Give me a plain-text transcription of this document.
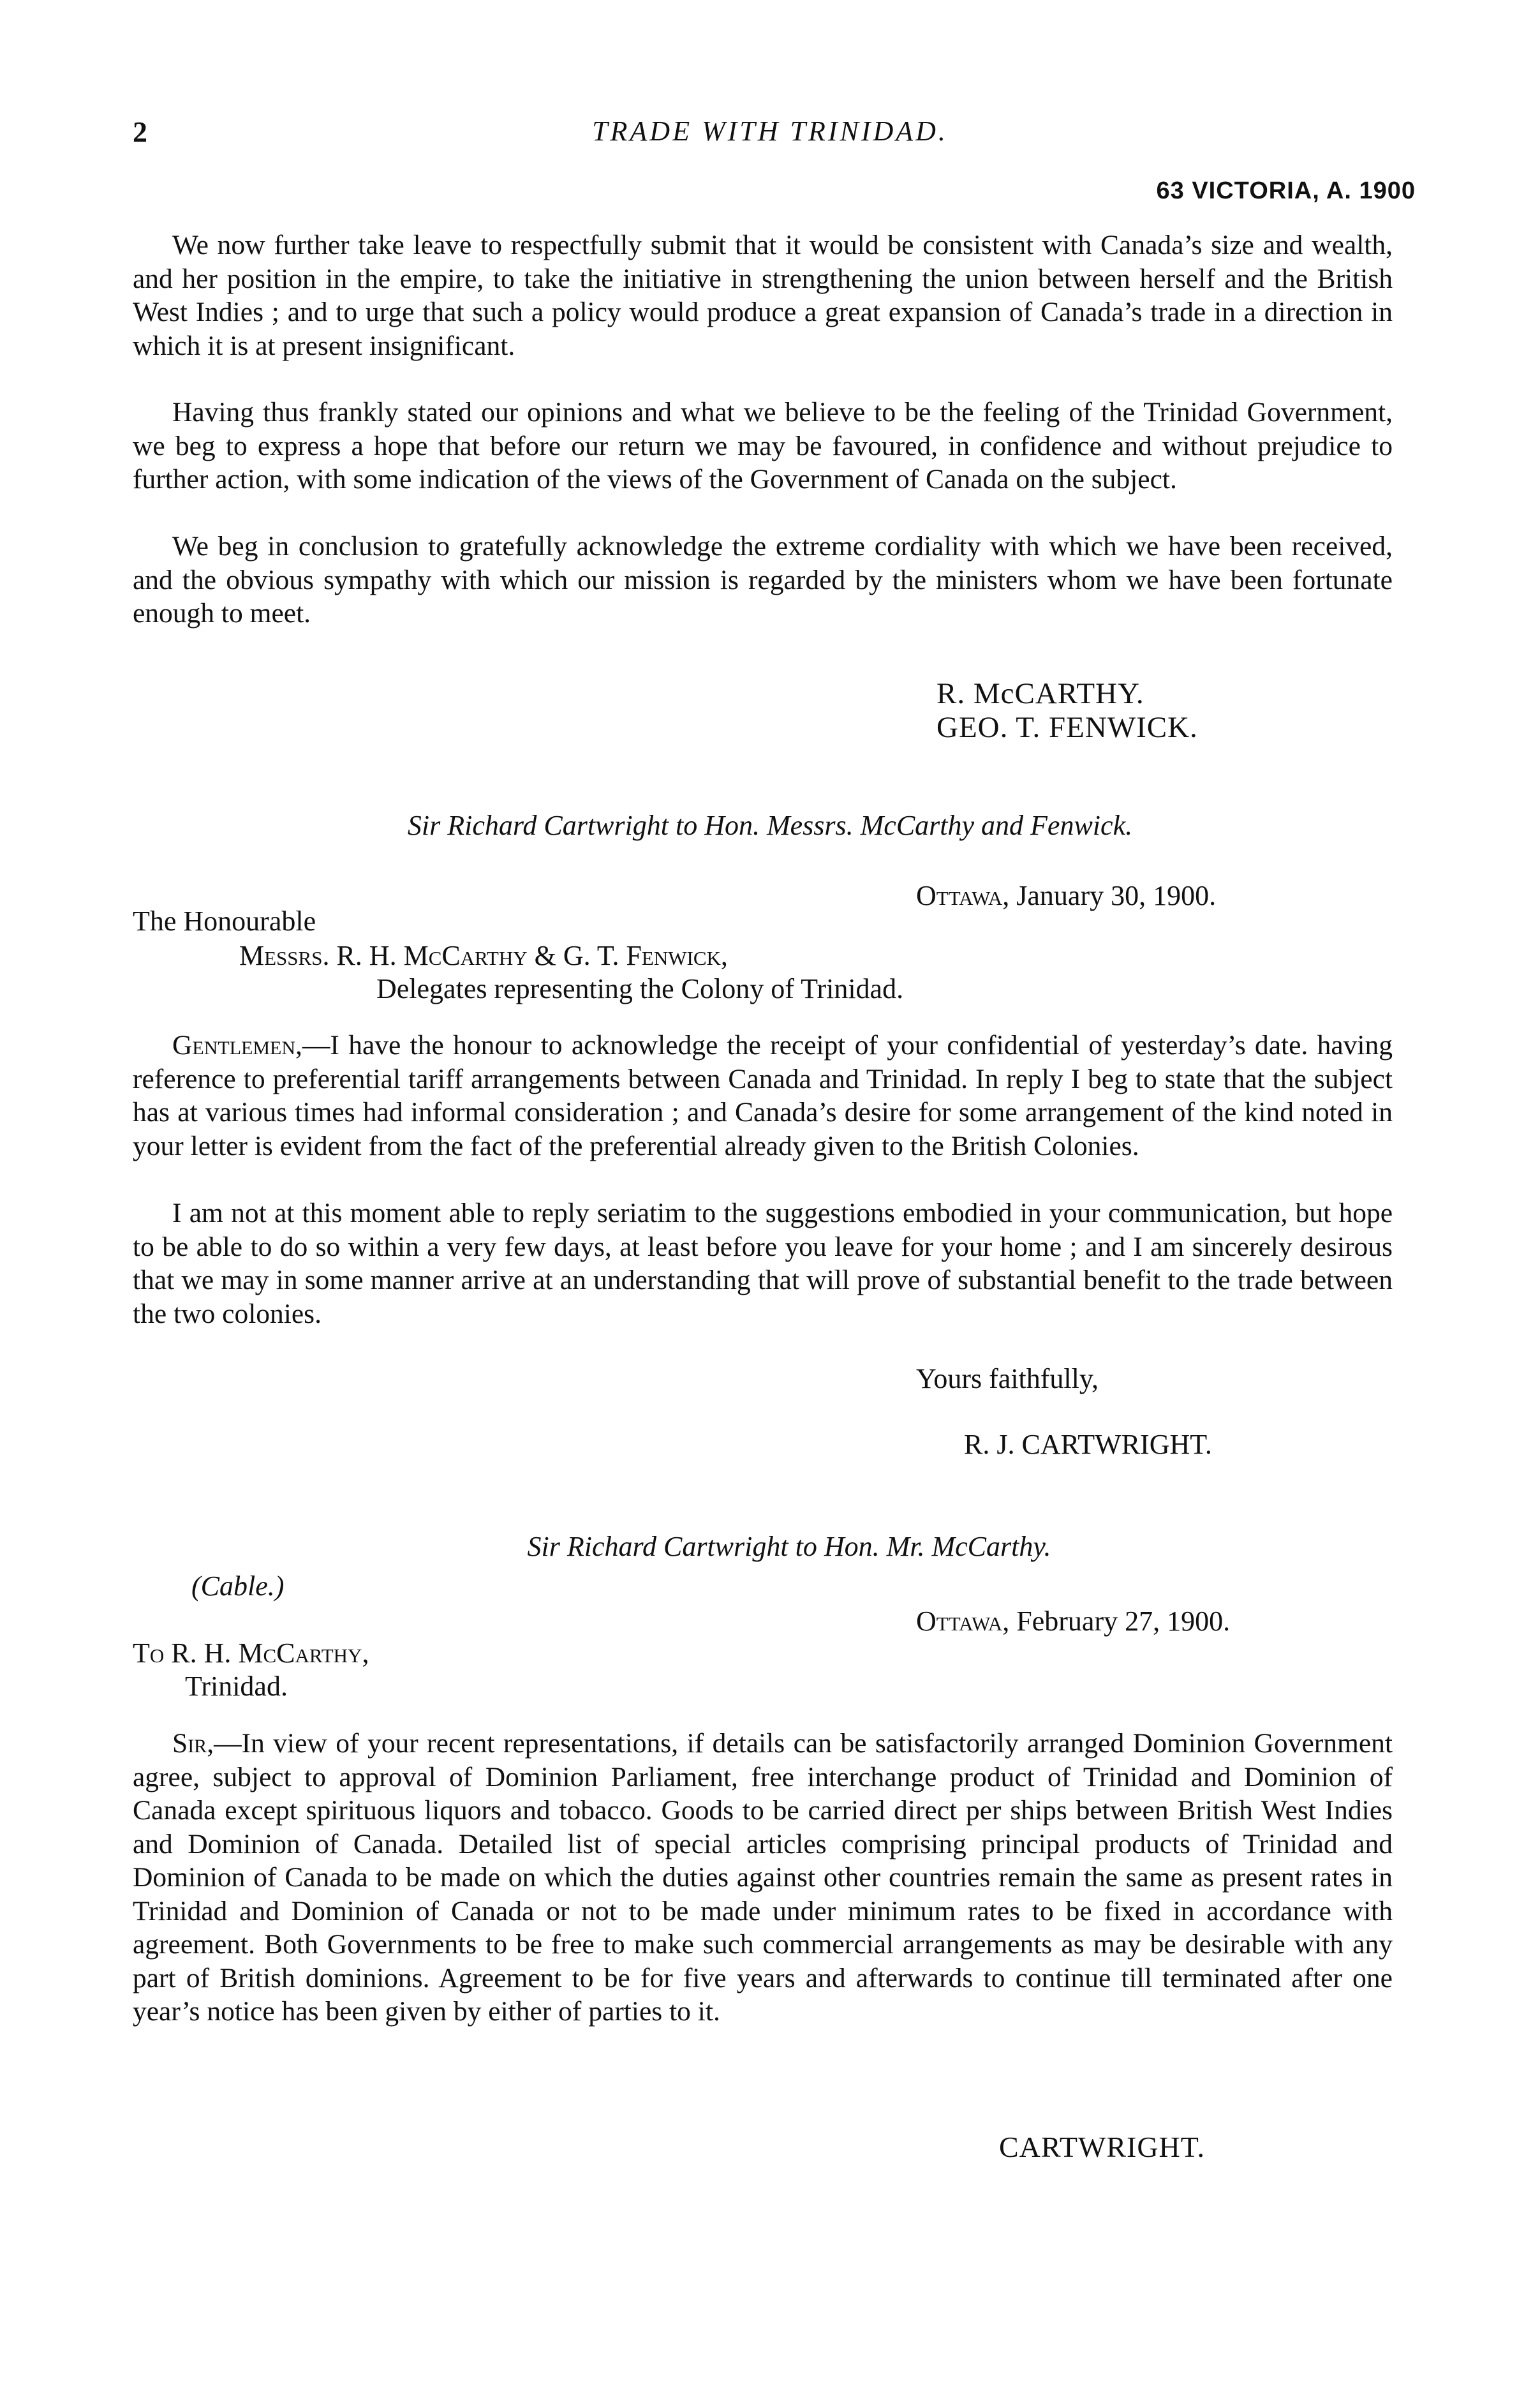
2	TRADE WITH TRINIDAD.
63 VICTORIA, A. 1900

We now further take leave to respectfully submit that it would be consistent with Canada’s size and wealth, and her position in the empire, to take the initiative in strengthening the union between herself and the British West Indies ; and to urge that such a policy would produce a great expansion of Canada’s trade in a direction in which it is at present insignificant.

Having thus frankly stated our opinions and what we believe to be the feeling of the Trinidad Government, we beg to express a hope that before our return we may be favoured, in confidence and without prejudice to further action, with some indication of the views of the Government of Canada on the subject.

We beg in conclusion to gratefully acknowledge the extreme cordiality with which we have been received, and the obvious sympathy with which our mission is regarded by the ministers whom we have been fortunate enough to meet.

R. McCARTHY.
GEO. T. FENWICK.
Sir Richard Cartwright to Hon. Messrs. McCarthy and Fenwick.
Ottawa, January 30, 1900.
The Honourable
Messrs. R. H. McCarthy & G. T. Fenwick,
Delegates representing the Colony of Trinidad.

Gentlemen,—I have the honour to acknowledge the receipt of your confidential of yesterday’s date. having reference to preferential tariff arrangements between Canada and Trinidad. In reply I beg to state that the subject has at various times had informal consideration ; and Canada’s desire for some arrangement of the kind noted in your letter is evident from the fact of the preferential already given to the British Colonies.

I am not at this moment able to reply seriatim to the suggestions embodied in your communication, but hope to be able to do so within a very few days, at least before you leave for your home ; and I am sincerely desirous that we may in some manner arrive at an understanding that will prove of substantial benefit to the trade between the two colonies.

Yours faithfully,
R. J. CARTWRIGHT.
Sir Richard Cartwright to Hon. Mr. McCarthy.
(Cable.)
Ottawa, February 27, 1900.
To R. H. McCarthy,
Trinidad.

Sir,—In view of your recent representations, if details can be satisfactorily arranged Dominion Government agree, subject to approval of Dominion Parliament, free interchange product of Trinidad and Dominion of Canada except spirituous liquors and tobacco. Goods to be carried direct per ships between British West Indies and Dominion of Canada. Detailed list of special articles comprising principal products of Trinidad and Dominion of Canada to be made on which the duties against other countries remain the same as present rates in Trinidad and Dominion of Canada or not to be made under minimum rates to be fixed in accordance with agreement. Both Governments to be free to make such commercial arrangements as may be desirable with any part of British dominions. Agreement to be for five years and afterwards to continue till terminated after one year’s notice has been given by either of parties to it.

CARTWRIGHT.
